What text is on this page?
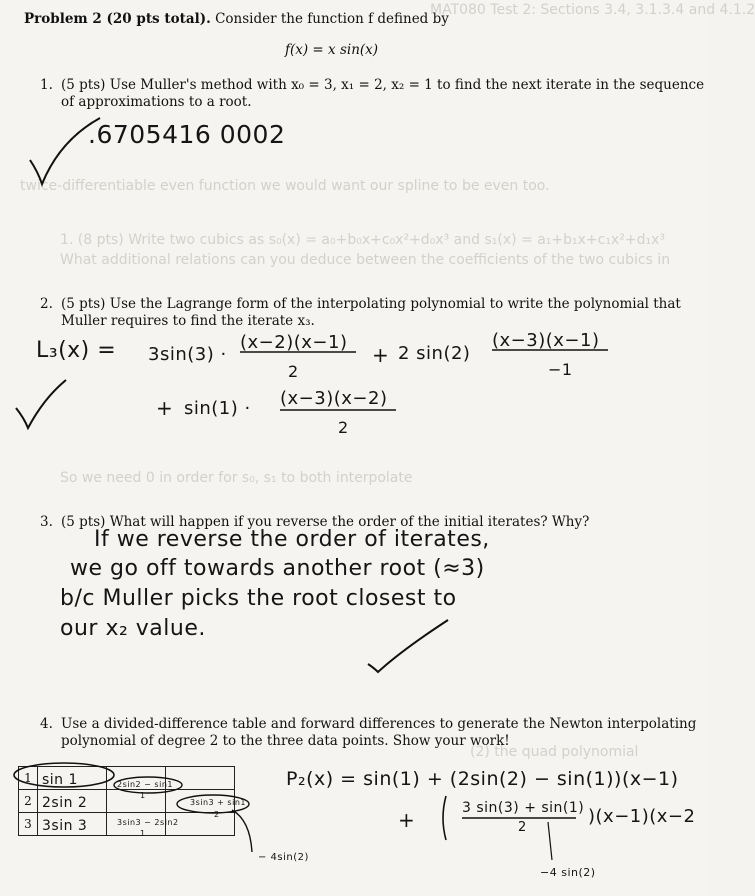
MAT080 Test 2: Sections 3.4, 3.1.3.4 and 4.1.2
twice-differentiable even function we would want our spline to be even too.
1. (8 pts) Write two cubics as s₀(x) = a₀+b₀x+c₀x²+d₀x³ and s₁(x) = a₁+b₁x+c₁x²+d₁x³
What additional relations can you deduce between the coefficients of the two cubics in
So we need 0 in order for s₀, s₁ to both interpolate
(2) the quad polynomial
Problem 2 (20 pts total). Consider the function f defined by
f(x) = x sin(x)
1. (5 pts) Use Muller's method with x₀ = 3, x₁ = 2, x₂ = 1 to find the next iterate in the sequence
of approximations to a root.
.6705416 0002
2. (5 pts) Use the Lagrange form of the interpolating polynomial to write the polynomial that
Muller requires to find the iterate x₃.
L₃(x) = 3sin(3) ·
(x−2)(x−1)
2
+ 2 sin(2)
(x−3)(x−1)
−1
+ sin(1) · (x−3)(x−2)
2
3. (5 pts) What will happen if you reverse the order of the initial iterates? Why?
If we reverse the order of iterates,
we go off towards another root (≈3)
b/c Muller picks the root closest to
our x₂ value.
4. Use a divided-difference table and forward differences to generate the Newton interpolating
polynomial of degree 2 to the three data points. Show your work!
1	sin 1		
2	2sin 2		
3	3sin 3		
2sin2 − sin1
1
3sin3 − 2sin2
1
3sin3 + sin1
2
− 4sin(2)
P₂(x) = sin(1) + (2sin(2) − sin(1))(x−1)
+	3 sin(3) + sin(1)
2
)(x−1)(x−2
−4 sin(2)
